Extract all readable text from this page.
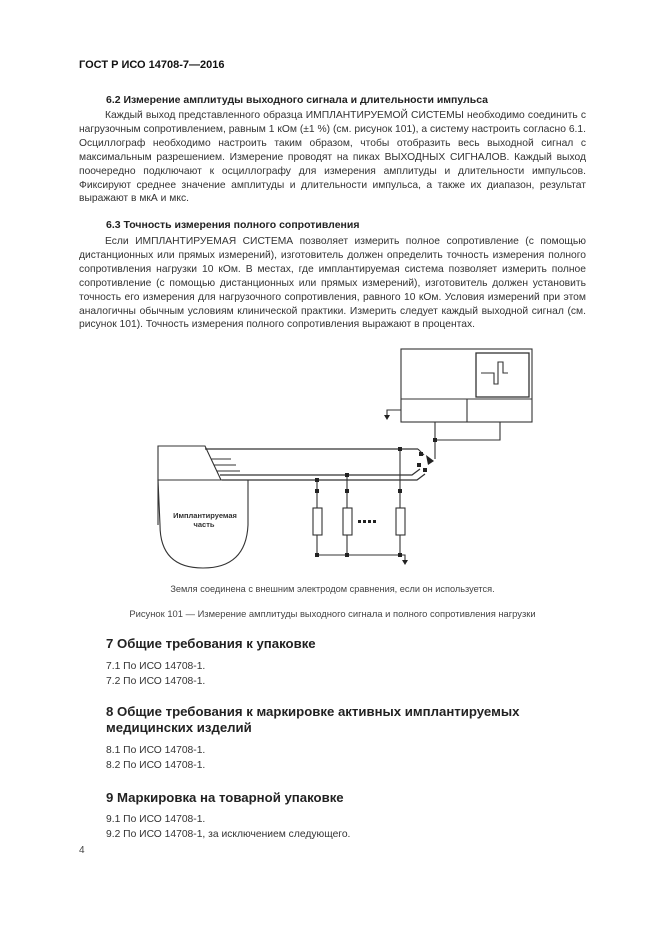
ГОСТ Р ИСО 14708-7—2016
6.2 Измерение амплитуды выходного сигнала и длительности импульса
Каждый выход представленного образца ИМПЛАНТИРУЕМОЙ СИСТЕМЫ необходимо соединить с нагрузочным сопротивлением, равным 1 кОм (±1 %) (см. рисунок 101), а систему настроить согласно 6.1. Осциллограф необходимо настроить таким образом, чтобы отобразить весь выходной сигнал с максимальным разрешением. Измерение проводят на пиках ВЫХОДНЫХ СИГНАЛОВ. Каждый выход поочередно подключают к осциллографу для измерения амплитуды и длительности импульсов. Фиксируют среднее значение амплитуды и длительности импульса, а также их диапазон, результат выражают в мкА и мкс.
6.3 Точность измерения полного сопротивления
Если ИМПЛАНТИРУЕМАЯ СИСТЕМА позволяет измерить полное сопротивление (с помощью дистанционных или прямых измерений), изготовитель должен определить точность измерения полного сопротивления нагрузки 10 кОм. В местах, где имплантируемая система позволяет измерить полное сопротивление (с помощью дистанционных или прямых измерений), изготовитель должен установить точность его измерения для нагрузочного сопротивления, равного 10 кОм. Условия измерений при этом аналогичны обычным условиям клинической практики. Измерить следует каждый выходной сигнал (см. рисунок 101). Точность измерения полного сопротивления выражают в процентах.
Имплантируемая
часть
Земля соединена с внешним электродом сравнения, если он используется.
Рисунок 101 — Измерение амплитуды выходного сигнала и полного сопротивления нагрузки
7 Общие требования к упаковке
7.1 По ИСО 14708-1.
7.2 По ИСО 14708-1.
8 Общие требования к маркировке активных имплантируемых
медицинских изделий
8.1 По ИСО 14708-1.
8.2 По ИСО 14708-1.
9 Маркировка на товарной упаковке
9.1 По ИСО 14708-1.
9.2 По ИСО 14708-1, за исключением следующего.
4
